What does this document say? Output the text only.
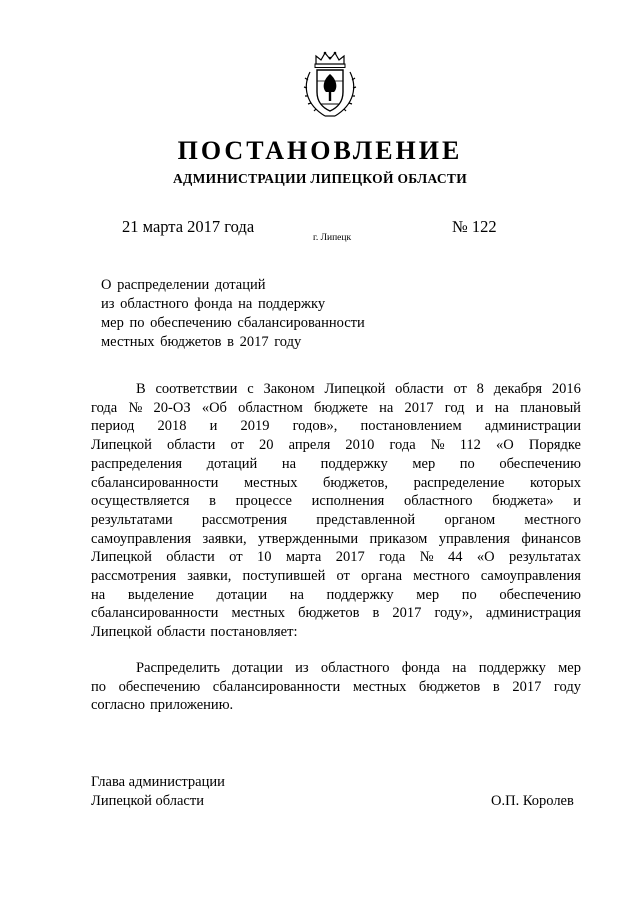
ПОСТАНОВЛЕНИЕ
АДМИНИСТРАЦИИ ЛИПЕЦКОЙ ОБЛАСТИ
21 марта 2017 года
г. Липецк
№ 122
О распределении дотаций
из областного фонда на поддержку
мер по обеспечению сбалансированности
местных бюджетов в 2017 году
В соответствии с Законом Липецкой области от 8 декабря 2016
года № 20-ОЗ «Об областном бюджете на 2017 год и на плановый
период 2018 и 2019 годов», постановлением администрации
Липецкой области от 20 апреля 2010 года № 112 «О Порядке
распределения дотаций на поддержку мер по обеспечению
сбалансированности местных бюджетов, распределение которых
осуществляется в процессе исполнения областного бюджета» и
результатами рассмотрения представленной органом местного
самоуправления заявки, утвержденными приказом управления финансов
Липецкой области от 10 марта 2017 года № 44 «О результатах
рассмотрения заявки, поступившей от органа местного самоуправления
на выделение дотации на поддержку мер по обеспечению
сбалансированности местных бюджетов в 2017 году», администрация
Липецкой области постановляет:
Распределить дотации из областного фонда на поддержку мер
по обеспечению сбалансированности местных бюджетов в 2017 году
согласно приложению.
Глава администрации
Липецкой области	О.П. Королев
